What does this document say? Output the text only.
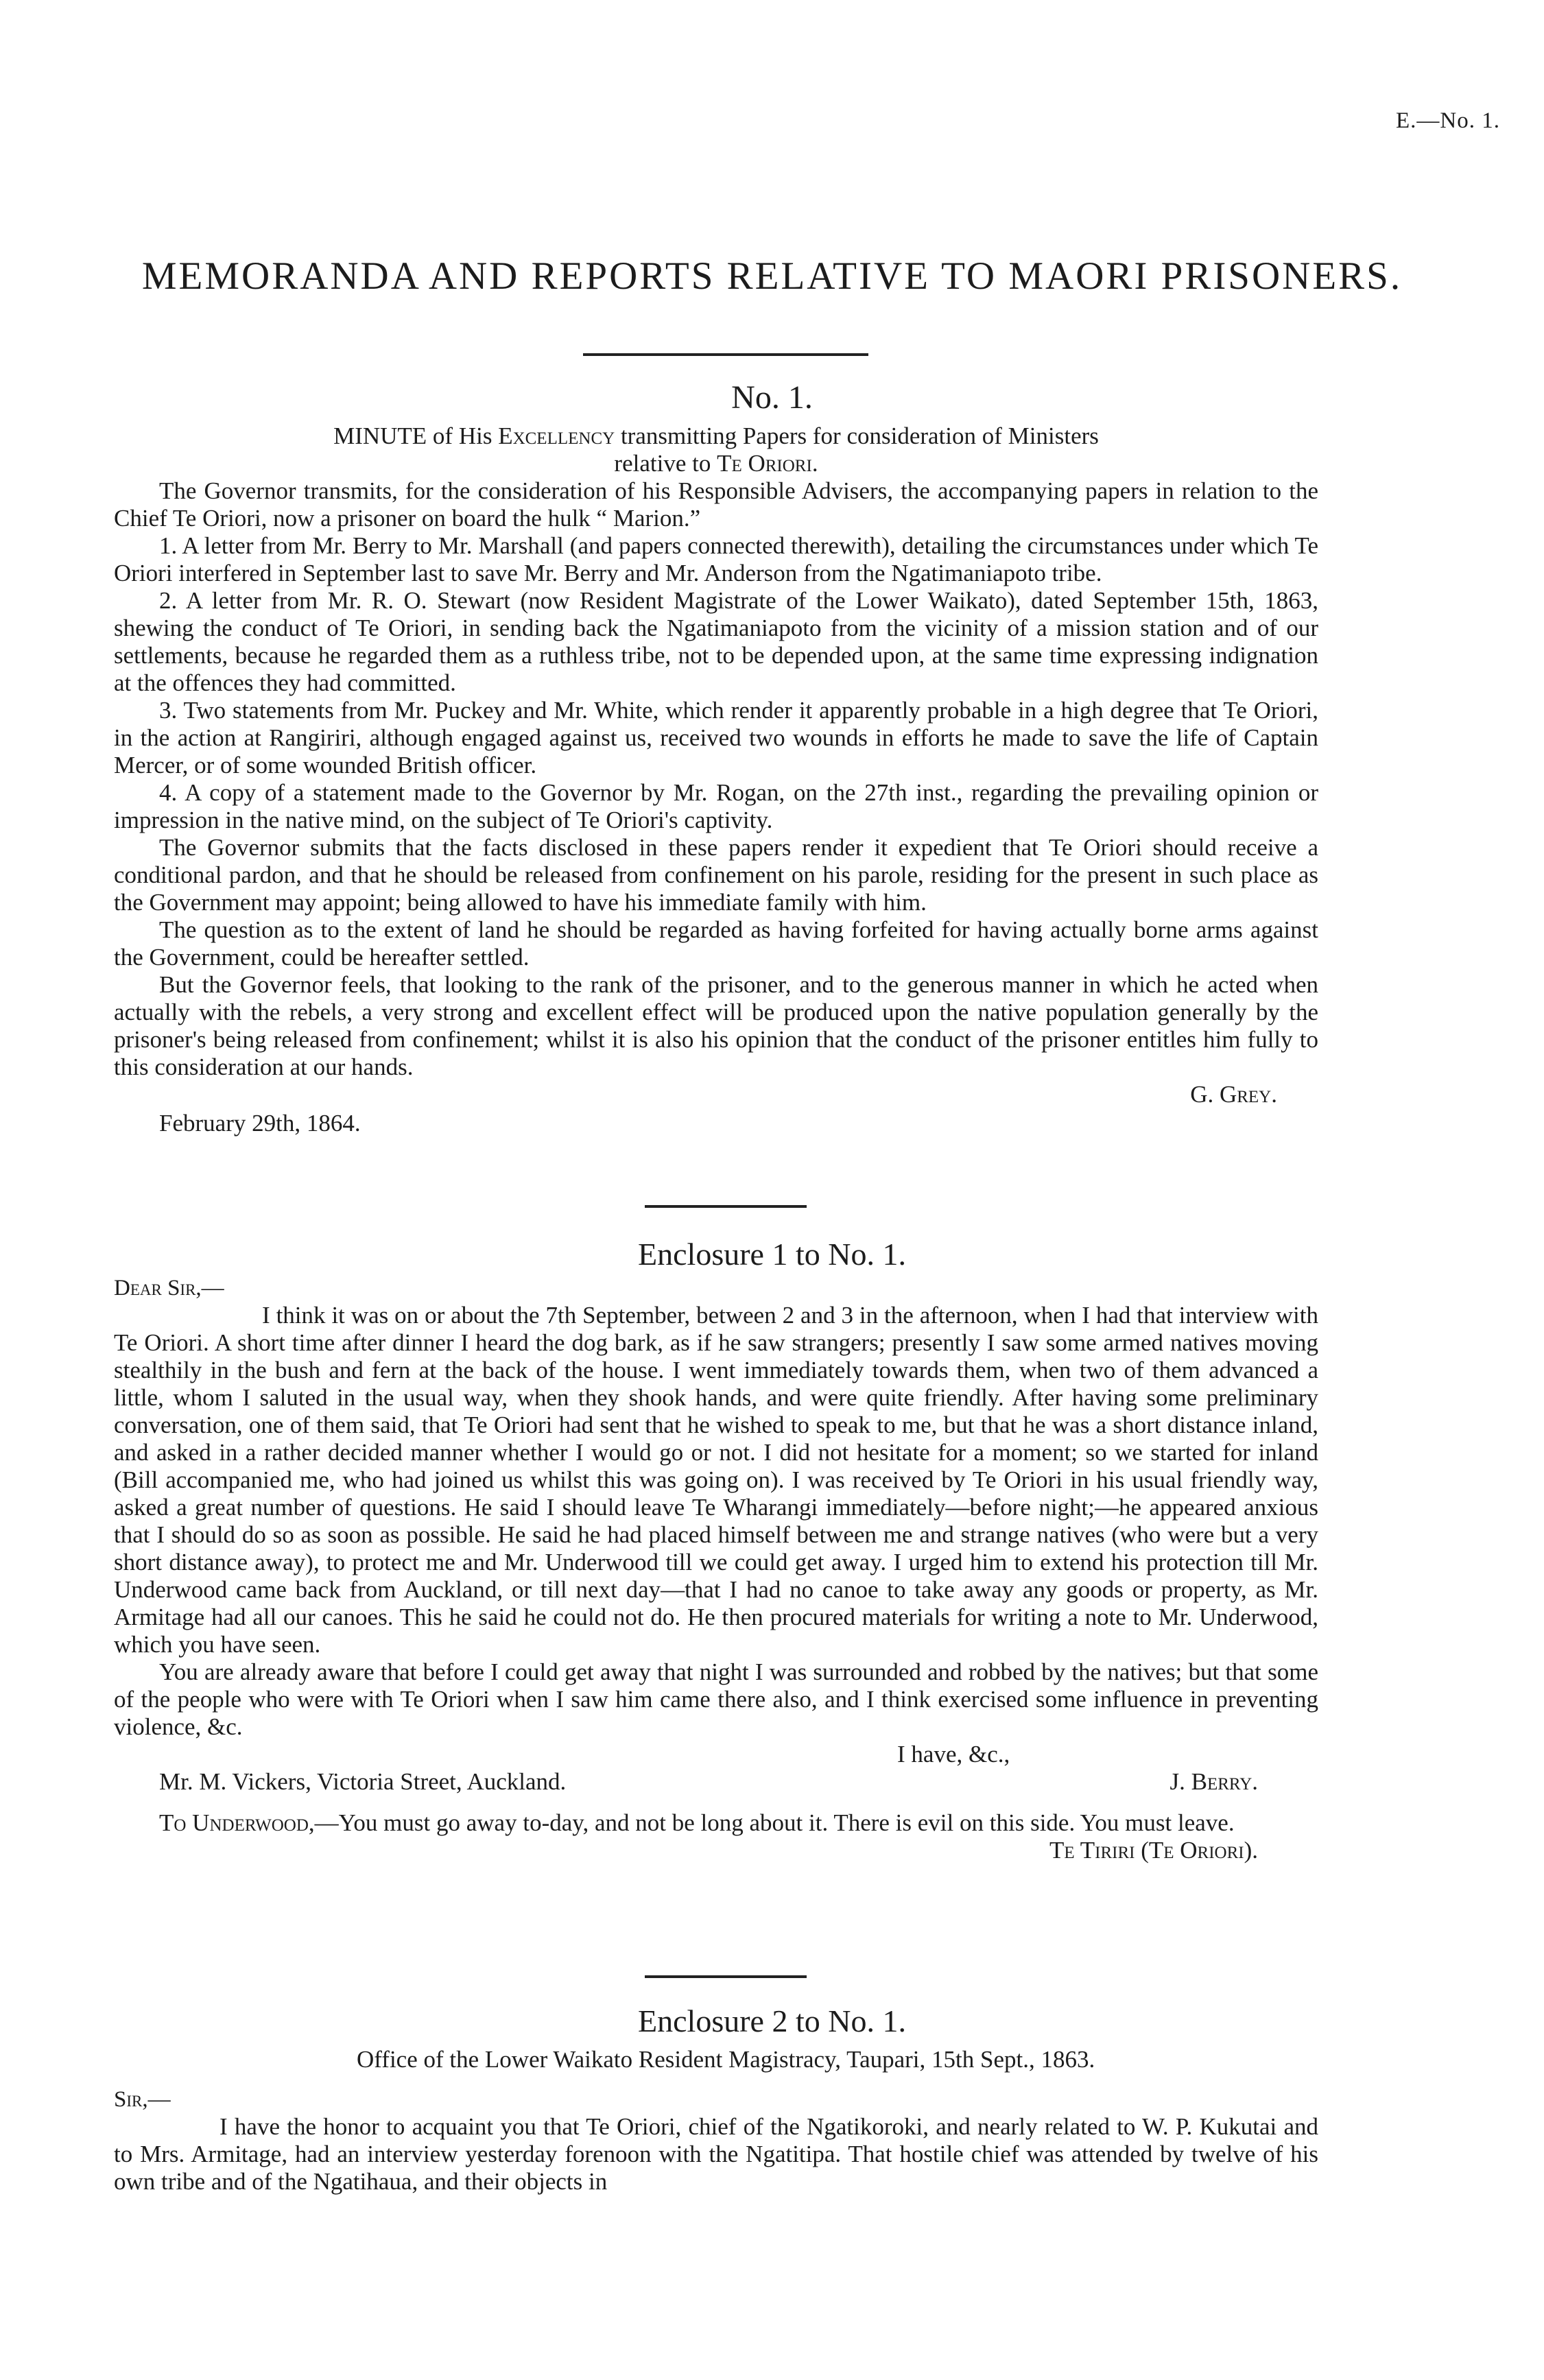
E.—No. 1.
MEMORANDA AND REPORTS RELATIVE TO MAORI PRISONERS.
No. 1.

MINUTE of His Excellency transmitting Papers for consideration of Ministers

relative to Te Oriori.

The Governor transmits, for the consideration of his Responsible Advisers, the accompanying papers in relation to the Chief Te Oriori, now a prisoner on board the hulk “ Marion.”

1. A letter from Mr. Berry to Mr. Marshall (and papers connected therewith), detailing the circumstances under which Te Oriori interfered in September last to save Mr. Berry and Mr. Anderson from the Ngatimaniapoto tribe.

2. A letter from Mr. R. O. Stewart (now Resident Magistrate of the Lower Waikato), dated September 15th, 1863, shewing the conduct of Te Oriori, in sending back the Ngatimaniapoto from the vicinity of a mission station and of our settlements, because he regarded them as a ruthless tribe, not to be depended upon, at the same time expressing indignation at the offences they had committed.

3. Two statements from Mr. Puckey and Mr. White, which render it apparently probable in a high degree that Te Oriori, in the action at Rangiriri, although engaged against us, received two wounds in efforts he made to save the life of Captain Mercer, or of some wounded British officer.

4. A copy of a statement made to the Governor by Mr. Rogan, on the 27th inst., regarding the prevailing opinion or impression in the native mind, on the subject of Te Oriori's captivity.

The Governor submits that the facts disclosed in these papers render it expedient that Te Oriori should receive a conditional pardon, and that he should be released from confinement on his parole, residing for the present in such place as the Government may appoint; being allowed to have his immediate family with him.

The question as to the extent of land he should be regarded as having forfeited for having actually borne arms against the Government, could be hereafter settled.

But the Governor feels, that looking to the rank of the prisoner, and to the generous manner in which he acted when actually with the rebels, a very strong and excellent effect will be produced upon the native population generally by the prisoner's being released from confinement; whilst it is also his opinion that the conduct of the prisoner entitles him fully to this consideration at our hands.

G. Grey.

February 29th, 1864.

Enclosure 1 to No. 1.

Dear Sir,—

I think it was on or about the 7th September, between 2 and 3 in the afternoon, when I had that interview with Te Oriori. A short time after dinner I heard the dog bark, as if he saw strangers; presently I saw some armed natives moving stealthily in the bush and fern at the back of the house. I went immediately towards them, when two of them advanced a little, whom I saluted in the usual way, when they shook hands, and were quite friendly. After having some preliminary conversation, one of them said, that Te Oriori had sent that he wished to speak to me, but that he was a short distance inland, and asked in a rather decided manner whether I would go or not. I did not hesitate for a moment; so we started for inland (Bill accompanied me, who had joined us whilst this was going on). I was received by Te Oriori in his usual friendly way, asked a great number of questions. He said I should leave Te Wharangi immediately—before night;—he appeared anxious that I should do so as soon as possible. He said he had placed himself between me and strange natives (who were but a very short distance away), to protect me and Mr. Underwood till we could get away. I urged him to extend his protection till Mr. Underwood came back from Auckland, or till next day—that I had no canoe to take away any goods or property, as Mr. Armitage had all our canoes. This he said he could not do. He then procured materials for writing a note to Mr. Underwood, which you have seen.

You are already aware that before I could get away that night I was surrounded and robbed by the natives; but that some of the people who were with Te Oriori when I saw him came there also, and I think exercised some influence in preventing violence, &c.

I have, &c.,

Mr. M. Vickers, Victoria Street, Auckland.	J. Berry.

To Underwood,—You must go away to-day, and not be long about it. There is evil on this side. You must leave.

Te Tiriri (Te Oriori).

Enclosure 2 to No. 1.

Office of the Lower Waikato Resident Magistracy, Taupari, 15th Sept., 1863.

Sir,—

I have the honor to acquaint you that Te Oriori, chief of the Ngatikoroki, and nearly related to W. P. Kukutai and to Mrs. Armitage, had an interview yesterday forenoon with the Ngatitipa. That hostile chief was attended by twelve of his own tribe and of the Ngatihaua, and their objects in
